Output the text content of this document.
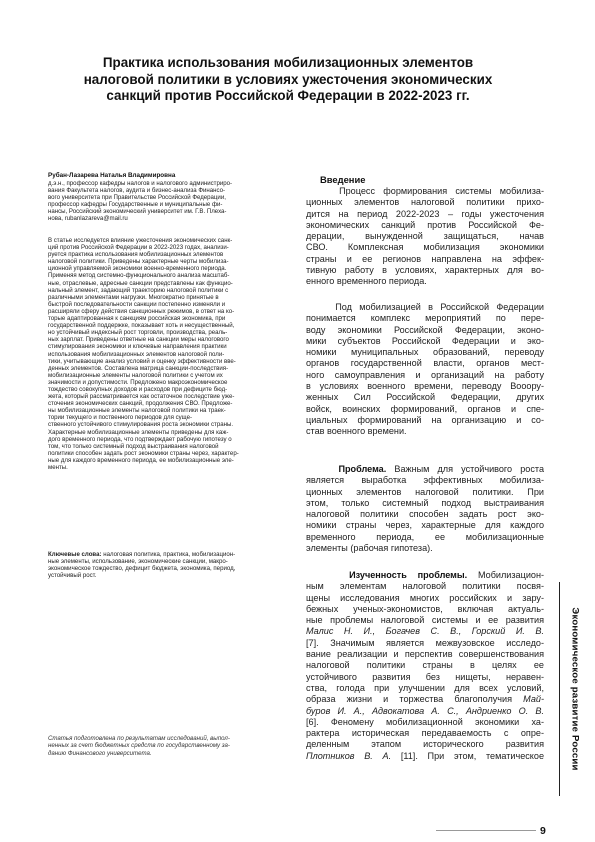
Практика использования мобилизационных элементов
налоговой политики в условиях ужесточения экономических
санкций против Российской Федерации в 2022-2023 гг.
Рубан-Лазарева Наталья Владимировна
д.э.н., профессор кафедры налогов и налогового администриро-
вания Факультета налогов, аудита и бизнес-анализа Финансо-
вого университета при Правительстве Российской Федерации,
профессор кафедры Государственные и муниципальные фи-
нансы, Российский экономический университет им. Г.В. Плеха-
нова, rubanlazareva@mail.ru
В статье исследуется влияние ужесточения экономических санк-
ций против Российской Федерации в 2022-2023 годах, анализи-
руется практика использования мобилизационных элементов
налоговой политики. Приведены характерные черты мобилиза-
ционной управляемой экономики военно-временного периода.
Применяя метод системно-функционального анализа масштаб-
ные, отраслевые, адресные санкции представлены как функцио-
нальный элемент, задающий траекторию налоговой политики с
различными элементами нагрузки. Многократно принятые в
быстрой последовательности санкции постепенно изменяли и
расширяли сферу действия санкционных режимов, в ответ на ко-
торые адаптированная к санкциям российская экономика, при
государственной поддержке, показывает хоть и несущественный,
но устойчивый индексный рост торговли, производства, реаль-
ных зарплат. Приведены ответные на санкции меры налогового
стимулирования экономики и ключевые направления практики
использования мобилизационных элементов налоговой поли-
тики, учитывающие анализ условий и оценку эффективности вве-
денных элементов. Составлена матрица санкции-последствия-
мобилизационные элементы налоговой политики с учетом их
значимости и допустимости. Предложено макроэкономическое
тождество совокупных доходов и расходов при дефиците бюд-
жета, который рассматривается как остаточное последствие уже-
сточения экономических санкций, продолжения СВО. Предложе-
ны мобилизационные элементы налоговой политики на траек-
тории текущего и поственного периодов для суще-
ственного устойчивого стимулирования роста экономики страны.
Характерные мобилизационные элементы приведены для каж-
дого временного периода, что подтверждает рабочую гипотезу о
том, что только системный подход выстраивания налоговой
политики способен задать рост экономики страны через, характер-
ные для каждого временного периода, ее мобилизационные эле-
менты.
Ключевые слова: налоговая политика, практика, мобилизацион-
ные элементы, использование, экономические санкции, макро-
экономическое тождество, дефицит бюджета, экономика, период,
устойчивый рост.
Статья подготовлена по результатам исследований, выпол-
ненных за счет бюджетных средств по государственному за-
данию Финансового университета.
Введение
Процесс формирования системы мобилиза-
ционных элементов налоговой политики прихо-
дится на период 2022-2023 – годы ужесточения
экономических санкций против Российской Фе-
дерации, вынужденной защищаться, начав
СВО. Комплексная мобилизация экономики
страны и ее регионов направлена на эффек-
тивную работу в условиях, характерных для во-
енного временного периода.
Под мобилизацией в Российской Федерации
понимается комплекс мероприятий по пере-
воду экономики Российской Федерации, эконо-
мики субъектов Российской Федерации и эко-
номики муниципальных образований, переводу
органов государственной власти, органов мест-
ного самоуправления и организаций на работу
в условиях военного времени, переводу Вооору-
женных Сил Российской Федерации, других
войск, воинских формирований, органов и спе-
циальных формирований на организацию и со-
став военного времени.
Проблема. Важным для устойчивого роста
является выработка эффективных мобилиза-
ционных элементов налоговой политики. При
этом, только системный подход выстраивания
налоговой политики способен задать рост эко-
номики страны через, характерные для каждого
временного периода, ее мобилизационные
элементы (рабочая гипотеза).
Изученность проблемы. Мобилизацион-
ным элементам налоговой политики посвя-
щены исследования многих российских и зару-
бежных ученых-экономистов, включая актуаль-
ные проблемы налоговой системы и ее развития
Малис Н. И., Богачев С. В., Горский И. В.
[7]. Значимым является межвузовское исследо-
вание реализации и перспектив совершенствования
налоговой политики страны в целях ее
устойчивого развития без нищеты, неравен-
ства, голода при улучшении для всех условий,
образа жизни и торжества благополучия Май-
буров И. А., Адвокатова А. С., Андриенко О. В.
[6]. Феномену мобилизационной экономики ха-
рактера историческая передаваемость с опре-
деленным этапом исторического развития
Плотников В. А. [11]. При этом, тематическое	Экономическое развитие России
9
